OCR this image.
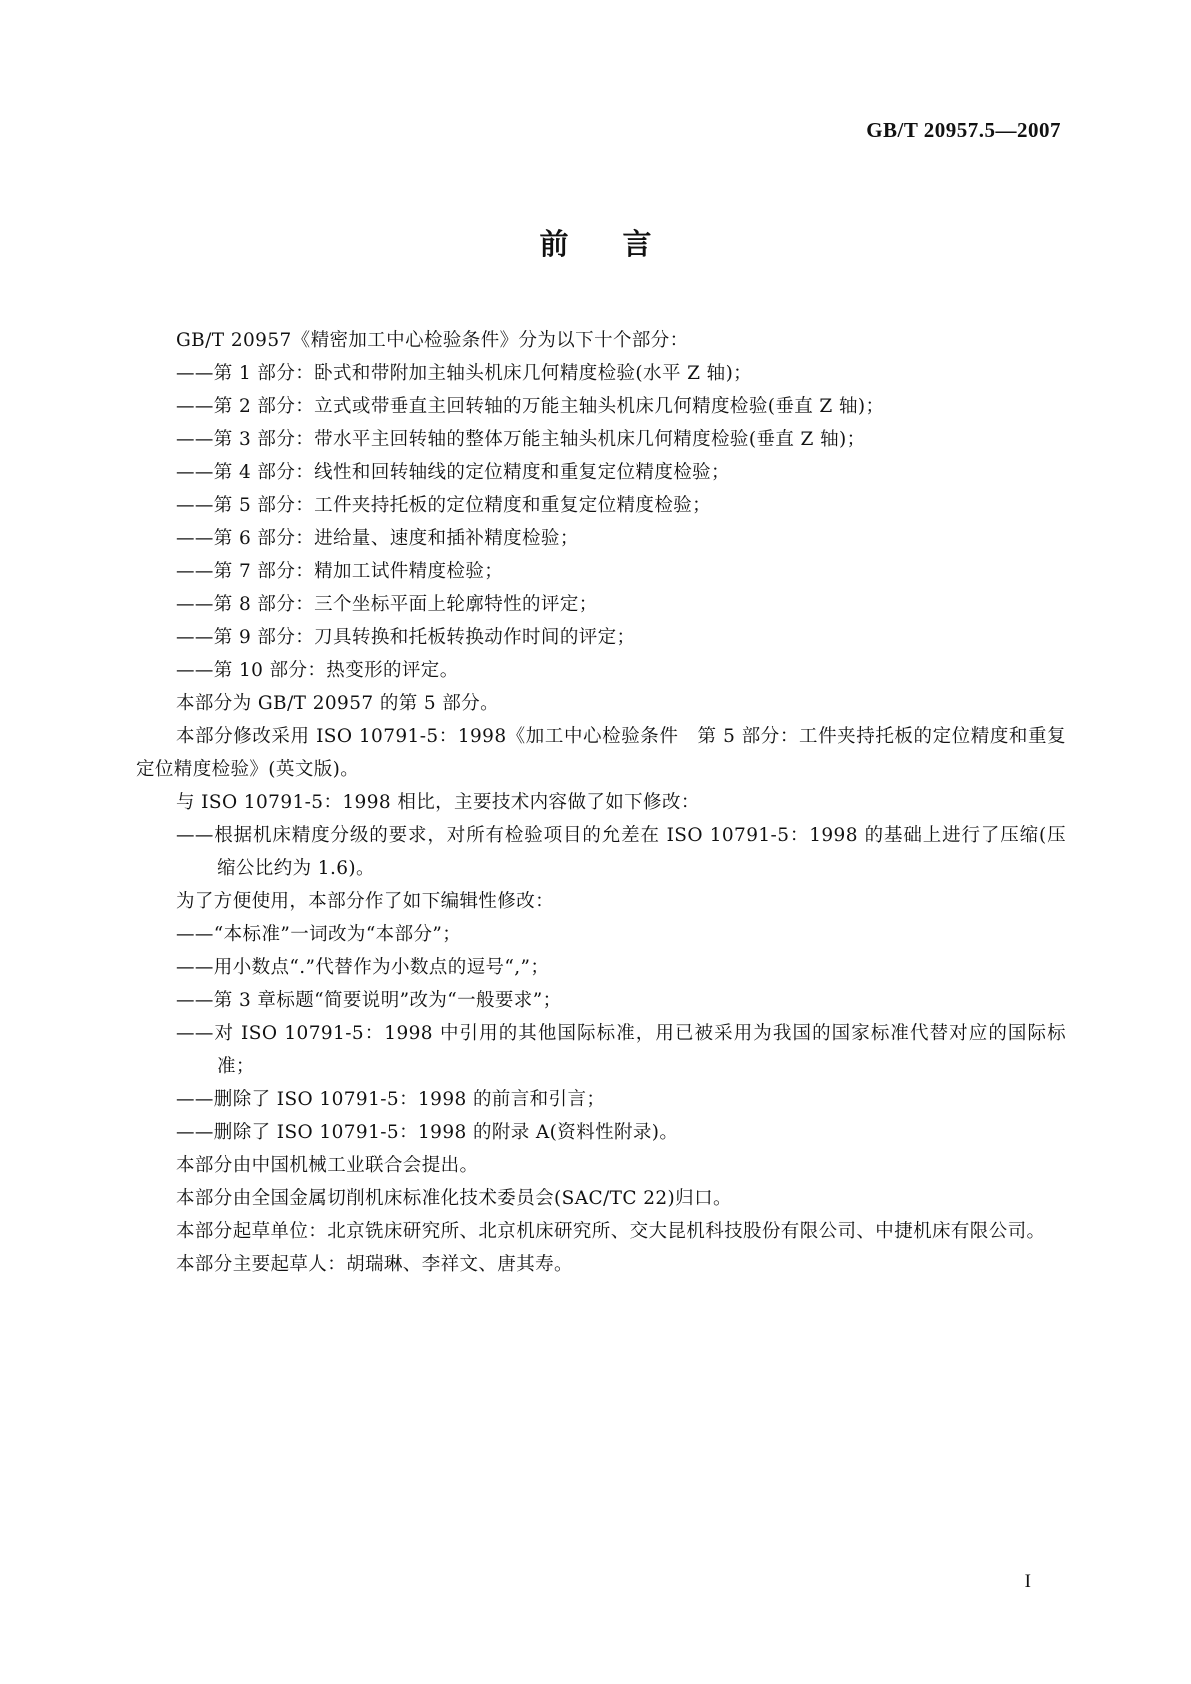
GB/T 20957.5—2007
前言

GB/T 20957《精密加工中心检验条件》分为以下十个部分：

——第 1 部分：卧式和带附加主轴头机床几何精度检验(水平 Z 轴)；

——第 2 部分：立式或带垂直主回转轴的万能主轴头机床几何精度检验(垂直 Z 轴)；

——第 3 部分：带水平主回转轴的整体万能主轴头机床几何精度检验(垂直 Z 轴)；

——第 4 部分：线性和回转轴线的定位精度和重复定位精度检验；

——第 5 部分：工件夹持托板的定位精度和重复定位精度检验；

——第 6 部分：进给量、速度和插补精度检验；

——第 7 部分：精加工试件精度检验；

——第 8 部分：三个坐标平面上轮廓特性的评定；

——第 9 部分：刀具转换和托板转换动作时间的评定；

——第 10 部分：热变形的评定。

本部分为 GB/T 20957 的第 5 部分。

本部分修改采用 ISO 10791-5：1998《加工中心检验条件　第 5 部分：工件夹持托板的定位精度和重复定位精度检验》(英文版)。

与 ISO 10791-5：1998 相比，主要技术内容做了如下修改：

——根据机床精度分级的要求，对所有检验项目的允差在 ISO 10791-5：1998 的基础上进行了压缩(压缩公比约为 1.6)。

为了方便使用，本部分作了如下编辑性修改：

——“本标准”一词改为“本部分”；

——用小数点“.”代替作为小数点的逗号“,”；

——第 3 章标题“简要说明”改为“一般要求”；

——对 ISO 10791-5：1998 中引用的其他国际标准，用已被采用为我国的国家标准代替对应的国际标准；

——删除了 ISO 10791-5：1998 的前言和引言；

——删除了 ISO 10791-5：1998 的附录 A(资料性附录)。

本部分由中国机械工业联合会提出。

本部分由全国金属切削机床标准化技术委员会(SAC/TC 22)归口。

本部分起草单位：北京铣床研究所、北京机床研究所、交大昆机科技股份有限公司、中捷机床有限公司。

本部分主要起草人：胡瑞琳、李祥文、唐其寿。

I
